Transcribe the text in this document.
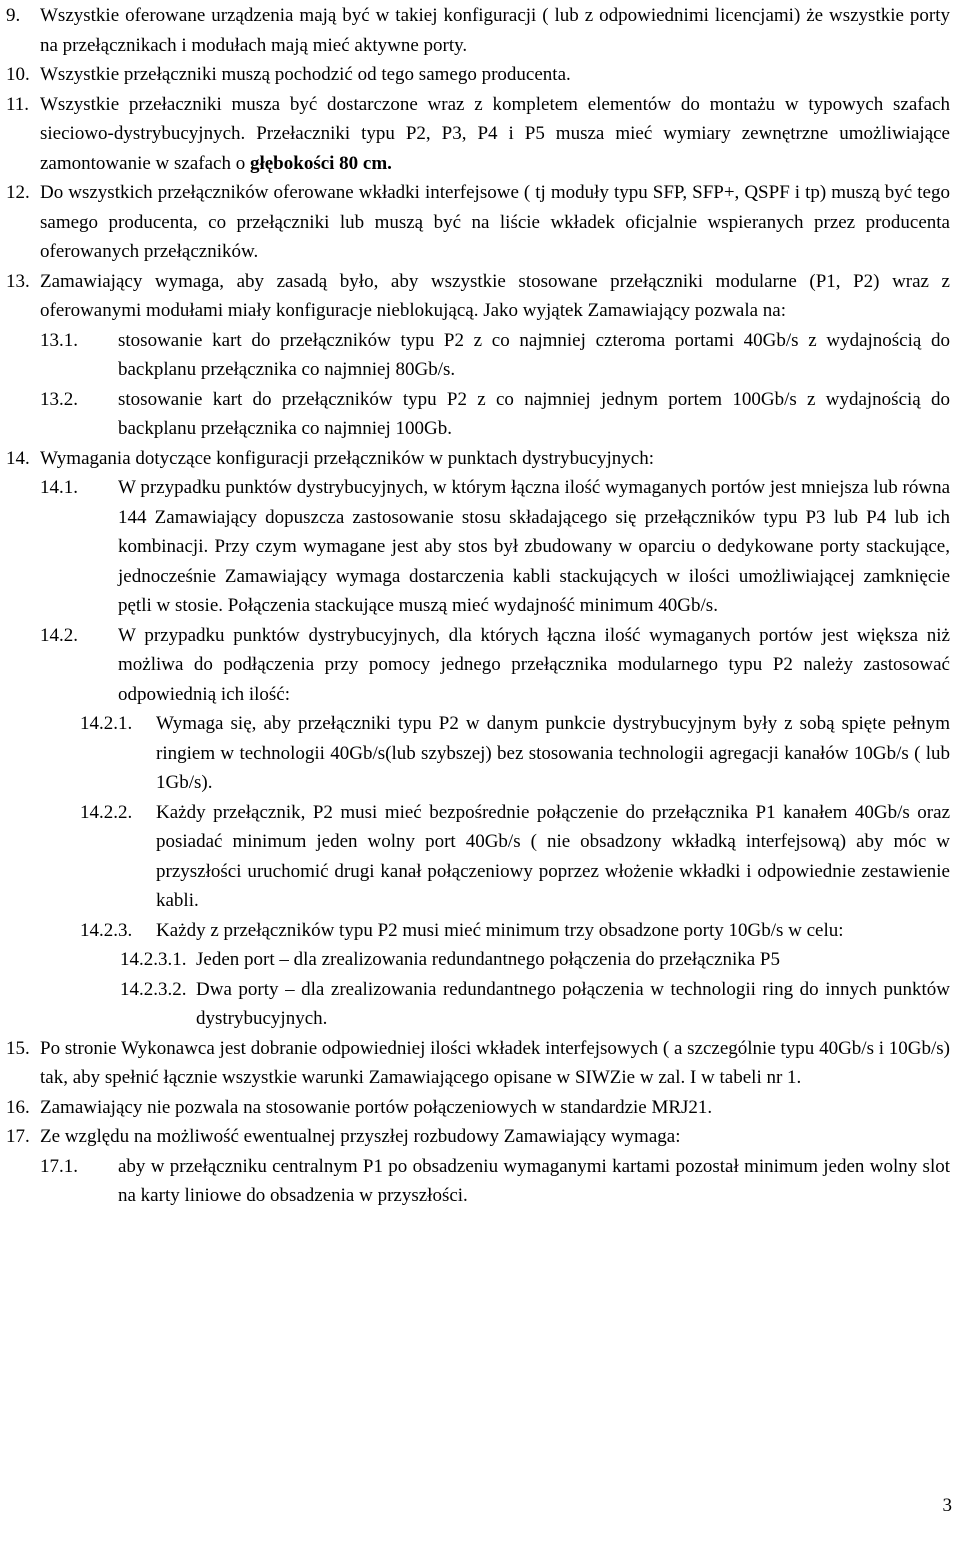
9.	Wszystkie oferowane urządzenia mają być w takiej konfiguracji ( lub z odpowiednimi licencjami) że wszystkie porty na przełącznikach i modułach mają mieć aktywne porty.
10. Wszystkie przełączniki muszą pochodzić od tego samego producenta.
11. Wszystkie przełaczniki musza być dostarczone wraz z kompletem elementów do montażu w typowych szafach sieciowo-dystrybucyjnych. Przełaczniki typu P2, P3, P4 i P5 musza mieć wymiary zewnętrzne umożliwiające zamontowanie w szafach o głębokości 80 cm.
12. Do wszystkich przełączników oferowane wkładki interfejsowe ( tj moduły typu SFP, SFP+, QSPF i tp) muszą być tego samego producenta, co przełączniki lub muszą być na liście wkładek oficjalnie wspieranych przez producenta oferowanych przełączników.
13. Zamawiający wymaga, aby zasadą było, aby wszystkie stosowane przełączniki modularne (P1, P2) wraz z oferowanymi modułami miały konfiguracje nieblokującą. Jako wyjątek Zamawiający pozwala na:
13.1.	stosowanie kart do przełączników typu P2 z co najmniej czteroma portami 40Gb/s z wydajnością do backplanu przełącznika co najmniej 80Gb/s.
13.2.	stosowanie kart do przełączników typu P2 z co najmniej jednym portem 100Gb/s z wydajnością do backplanu przełącznika co najmniej 100Gb.
14. Wymagania dotyczące konfiguracji przełączników w punktach dystrybucyjnych:
14.1.	W przypadku punktów dystrybucyjnych, w którym łączna ilość wymaganych portów jest mniejsza lub równa 144 Zamawiający dopuszcza zastosowanie stosu składającego się przełączników typu P3 lub P4 lub ich kombinacji. Przy czym wymagane jest aby stos był zbudowany w oparciu o dedykowane porty stackujące, jednocześnie Zamawiający wymaga dostarczenia kabli stackujących w ilości umożliwiającej zamknięcie pętli w stosie. Połączenia stackujące muszą mieć wydajność minimum 40Gb/s.
14.2.	W przypadku punktów dystrybucyjnych, dla których łączna ilość wymaganych portów jest większa niż możliwa do podłączenia przy pomocy jednego przełącznika modularnego typu P2 należy zastosować odpowiednią ich ilość:
14.2.1.	Wymaga się, aby przełączniki typu P2 w danym punkcie dystrybucyjnym były z sobą spięte pełnym ringiem w technologii 40Gb/s(lub szybszej) bez stosowania technologii agregacji kanałów 10Gb/s ( lub 1Gb/s).
14.2.2.	Każdy przełącznik, P2 musi mieć bezpośrednie połączenie do przełącznika P1 kanałem 40Gb/s oraz posiadać minimum jeden wolny port 40Gb/s ( nie obsadzony wkładką interfejsową) aby móc w przyszłości uruchomić drugi kanał połączeniowy poprzez włożenie wkładki i odpowiednie zestawienie kabli.
14.2.3.	Każdy z przełączników typu P2 musi mieć minimum trzy obsadzone porty 10Gb/s w celu:
14.2.3.1. Jeden port – dla zrealizowania redundantnego połączenia do przełącznika P5
14.2.3.2. Dwa porty – dla zrealizowania redundantnego połączenia w technologii ring do innych punktów dystrybucyjnych.
15. Po stronie Wykonawca jest dobranie odpowiedniej ilości wkładek interfejsowych ( a szczególnie typu 40Gb/s i 10Gb/s) tak, aby spełnić łącznie wszystkie warunki Zamawiającego opisane w SIWZie w zal. I w tabeli nr 1.
16. Zamawiający nie pozwala na stosowanie portów połączeniowych w standardzie MRJ21.
17. Ze względu na możliwość ewentualnej przyszłej rozbudowy Zamawiający wymaga:
17.1.	aby w przełączniku centralnym P1 po obsadzeniu wymaganymi kartami pozostał minimum jeden wolny slot na karty liniowe do obsadzenia w przyszłości.
3
